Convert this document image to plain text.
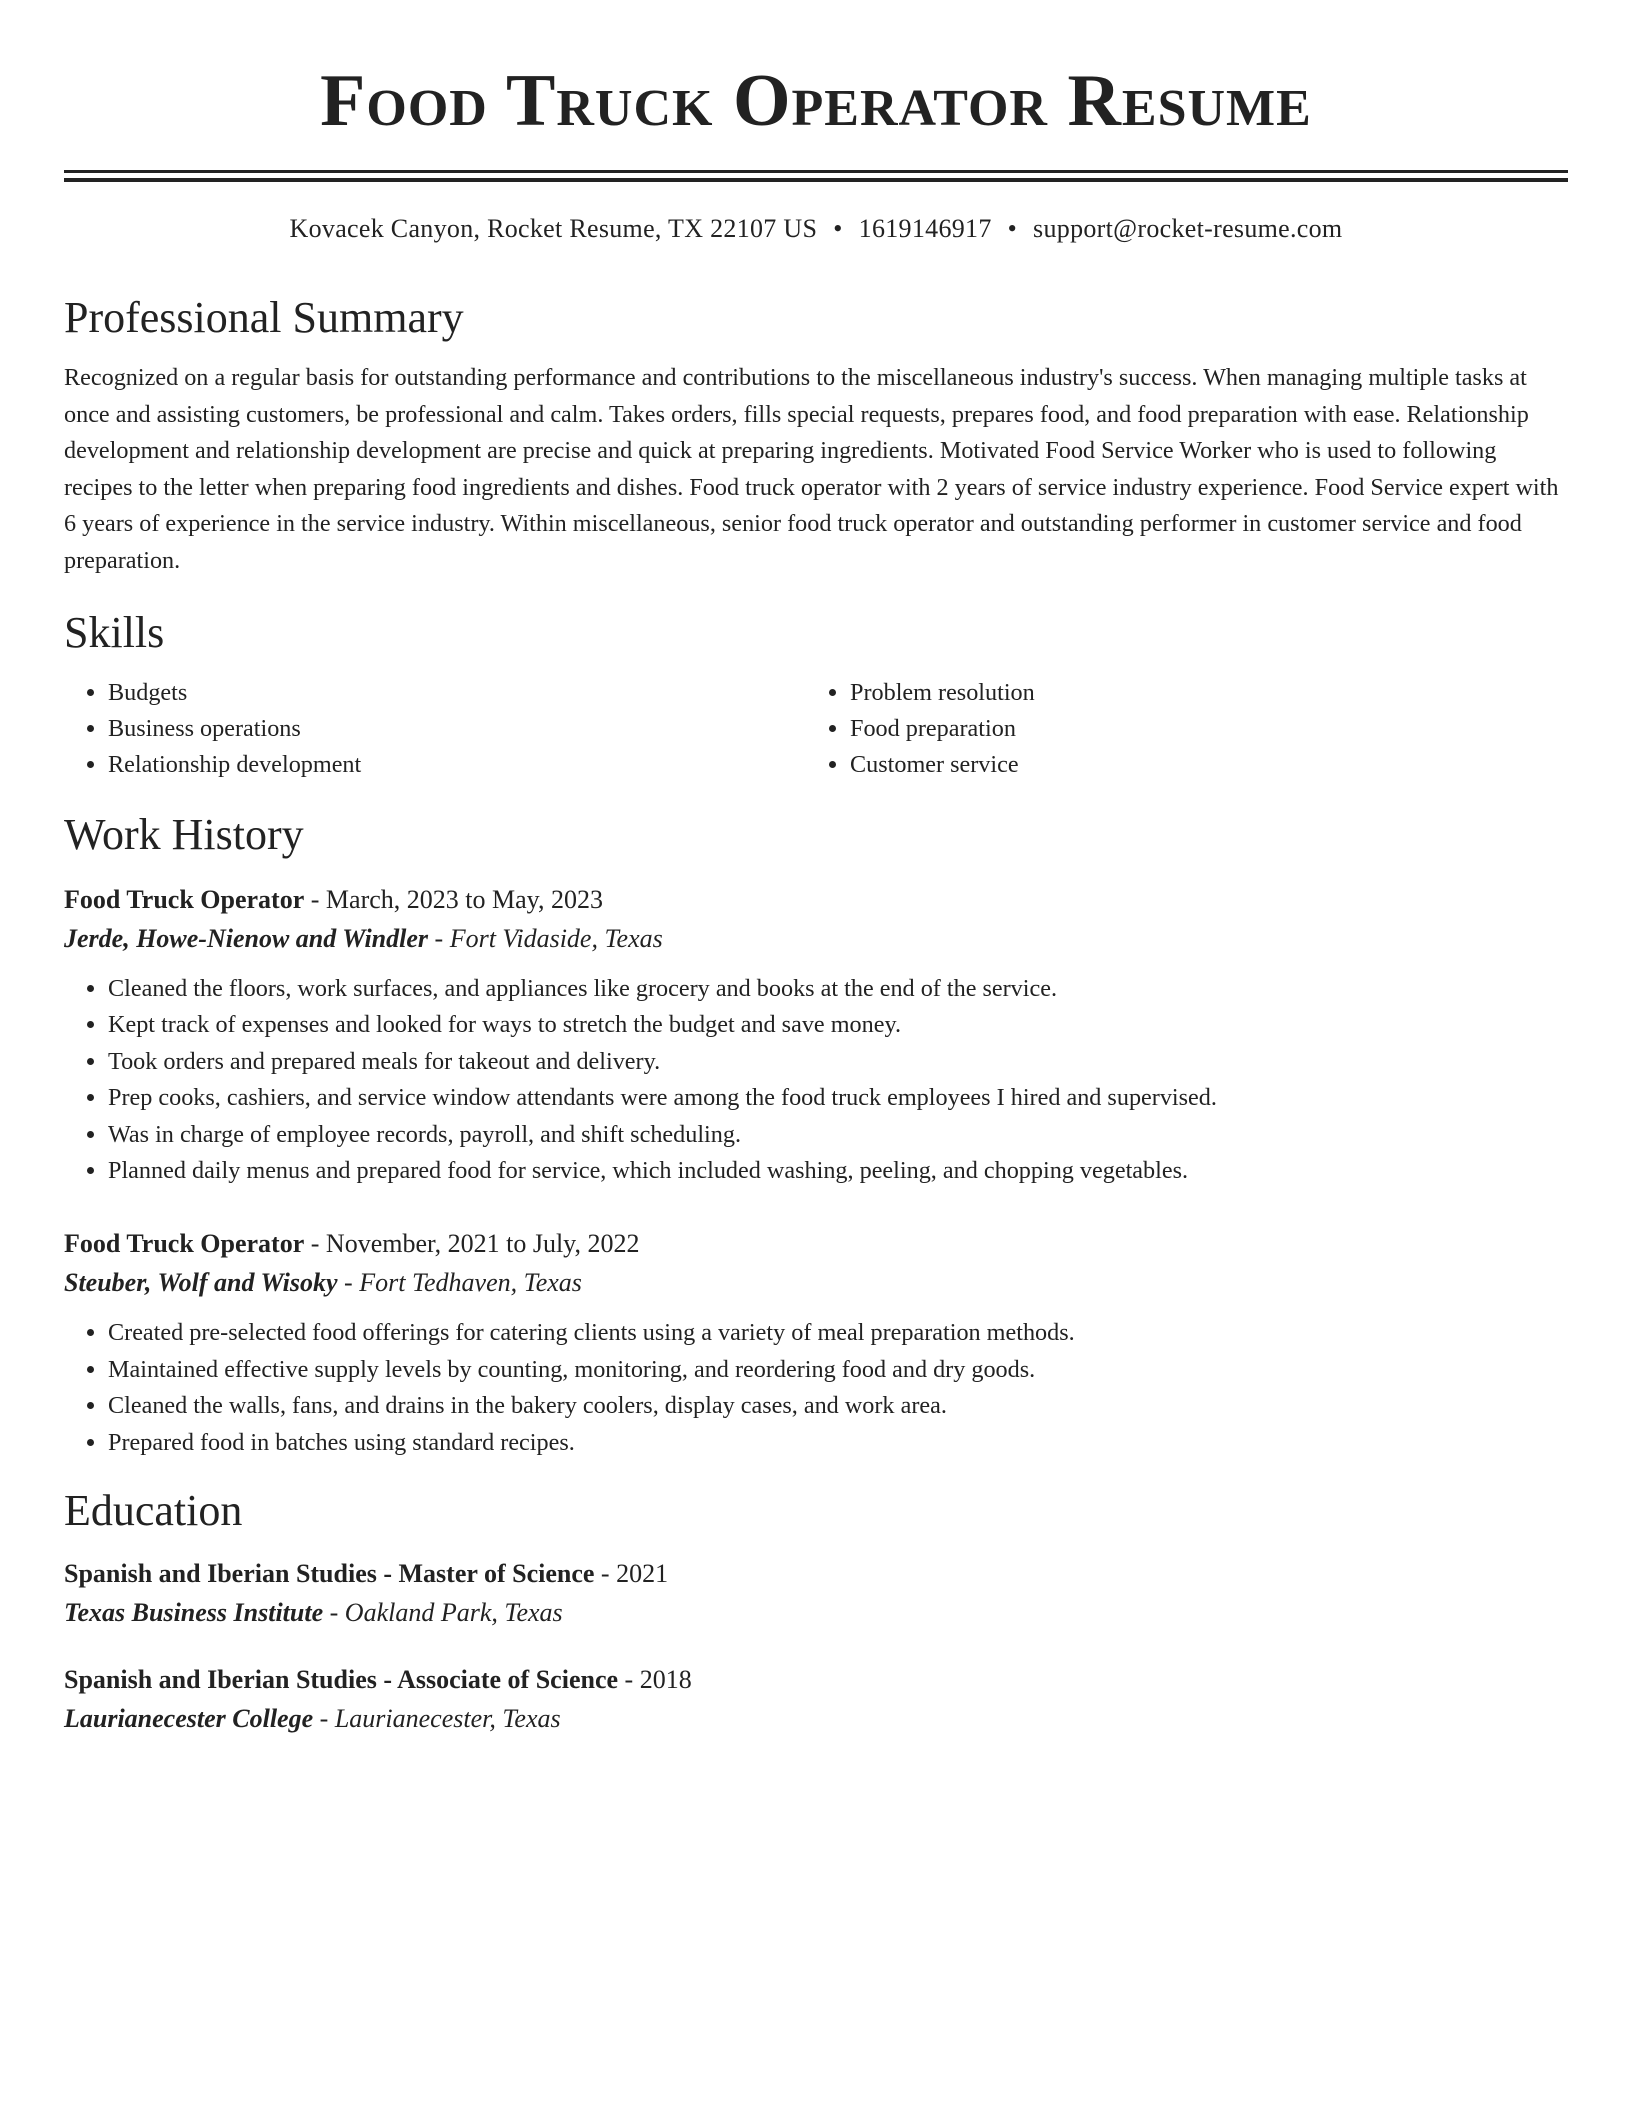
Food Truck Operator Resume
Kovacek Canyon, Rocket Resume, TX 22107 US • 1619146917 • support@rocket-resume.com
Professional Summary

Recognized on a regular basis for outstanding performance and contributions to the miscellaneous industry's success. When managing multiple tasks at once and assisting customers, be professional and calm. Takes orders, fills special requests, prepares food, and food preparation with ease. Relationship development and relationship development are precise and quick at preparing ingredients. Motivated Food Service Worker who is used to following recipes to the letter when preparing food ingredients and dishes. Food truck operator with 2 years of service industry experience. Food Service expert with 6 years of experience in the service industry. Within miscellaneous, senior food truck operator and outstanding performer in customer service and food preparation.

Skills
• Budgets
• Business operations
• Relationship development
• Problem resolution
• Food preparation
• Customer service
Work History
Food Truck Operator - March, 2023 to May, 2023
Jerde, Howe-Nienow and Windler - Fort Vidaside, Texas
• Cleaned the floors, work surfaces, and appliances like grocery and books at the end of the service.
• Kept track of expenses and looked for ways to stretch the budget and save money.
• Took orders and prepared meals for takeout and delivery.
• Prep cooks, cashiers, and service window attendants were among the food truck employees I hired and supervised.
• Was in charge of employee records, payroll, and shift scheduling.
• Planned daily menus and prepared food for service, which included washing, peeling, and chopping vegetables.
Food Truck Operator - November, 2021 to July, 2022
Steuber, Wolf and Wisoky - Fort Tedhaven, Texas
• Created pre-selected food offerings for catering clients using a variety of meal preparation methods.
• Maintained effective supply levels by counting, monitoring, and reordering food and dry goods.
• Cleaned the walls, fans, and drains in the bakery coolers, display cases, and work area.
• Prepared food in batches using standard recipes.
Education
Spanish and Iberian Studies - Master of Science - 2021
Texas Business Institute - Oakland Park, Texas
Spanish and Iberian Studies - Associate of Science - 2018
Laurianecester College - Laurianecester, Texas
